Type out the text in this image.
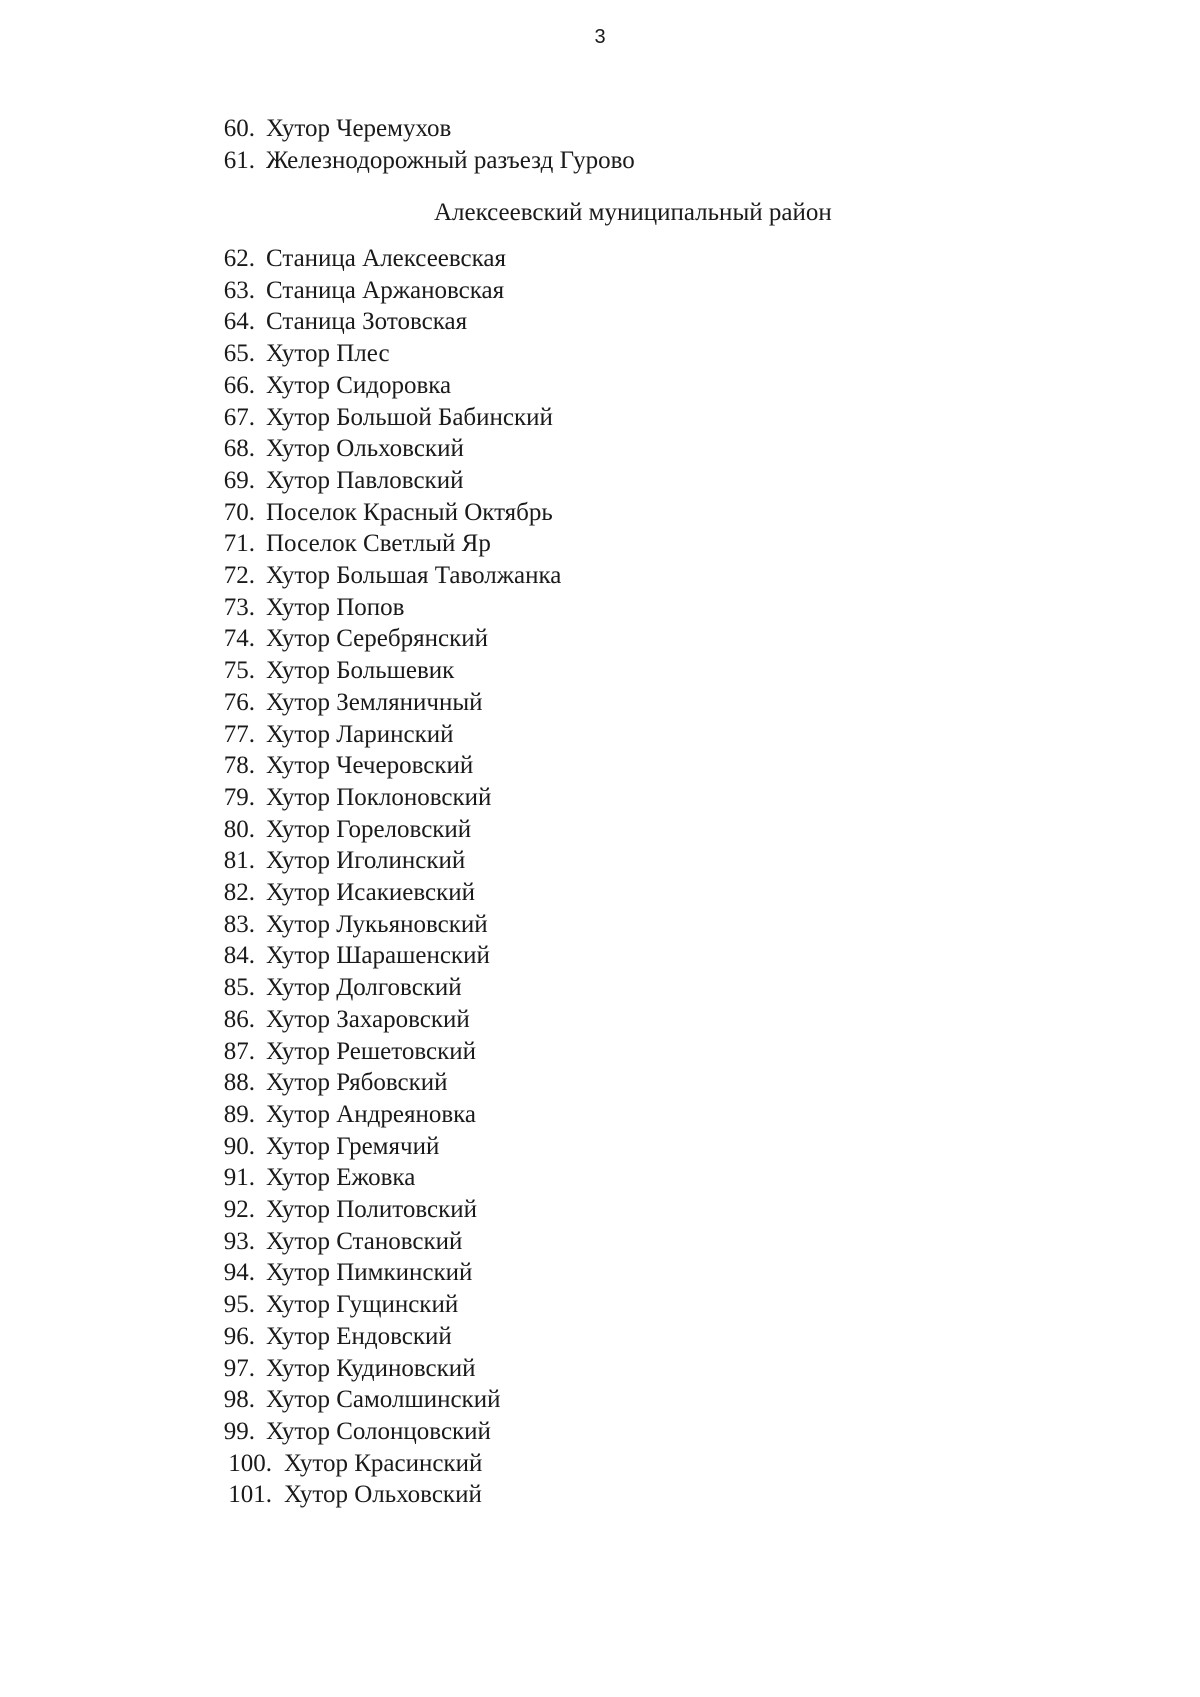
3
60. Хутор Черемухов
61. Железнодорожный разъезд Гурово
Алексеевский муниципальный район
62. Станица Алексеевская
63. Станица Аржановская
64. Станица Зотовская
65. Хутор Плес
66. Хутор Сидоровка
67. Хутор Большой Бабинский
68. Хутор Ольховский
69. Хутор Павловский
70. Поселок Красный Октябрь
71. Поселок Светлый Яр
72. Хутор Большая Таволжанка
73. Хутор Попов
74. Хутор Серебрянский
75. Хутор Большевик
76. Хутор Земляничный
77. Хутор Ларинский
78. Хутор Чечеровский
79. Хутор Поклоновский
80. Хутор Гореловский
81. Хутор Иголинский
82. Хутор Исакиевский
83. Хутор Лукьяновский
84. Хутор Шарашенский
85. Хутор Долговский
86. Хутор Захаровский
87. Хутор Решетовский
88. Хутор Рябовский
89. Хутор Андреяновка
90. Хутор Гремячий
91. Хутор Ежовка
92. Хутор Политовский
93. Хутор Становский
94. Хутор Пимкинский
95. Хутор Гущинский
96. Хутор Ендовский
97. Хутор Кудиновский
98. Хутор Самолшинский
99. Хутор Солонцовский
100. Хутор Красинский
101. Хутор Ольховский
